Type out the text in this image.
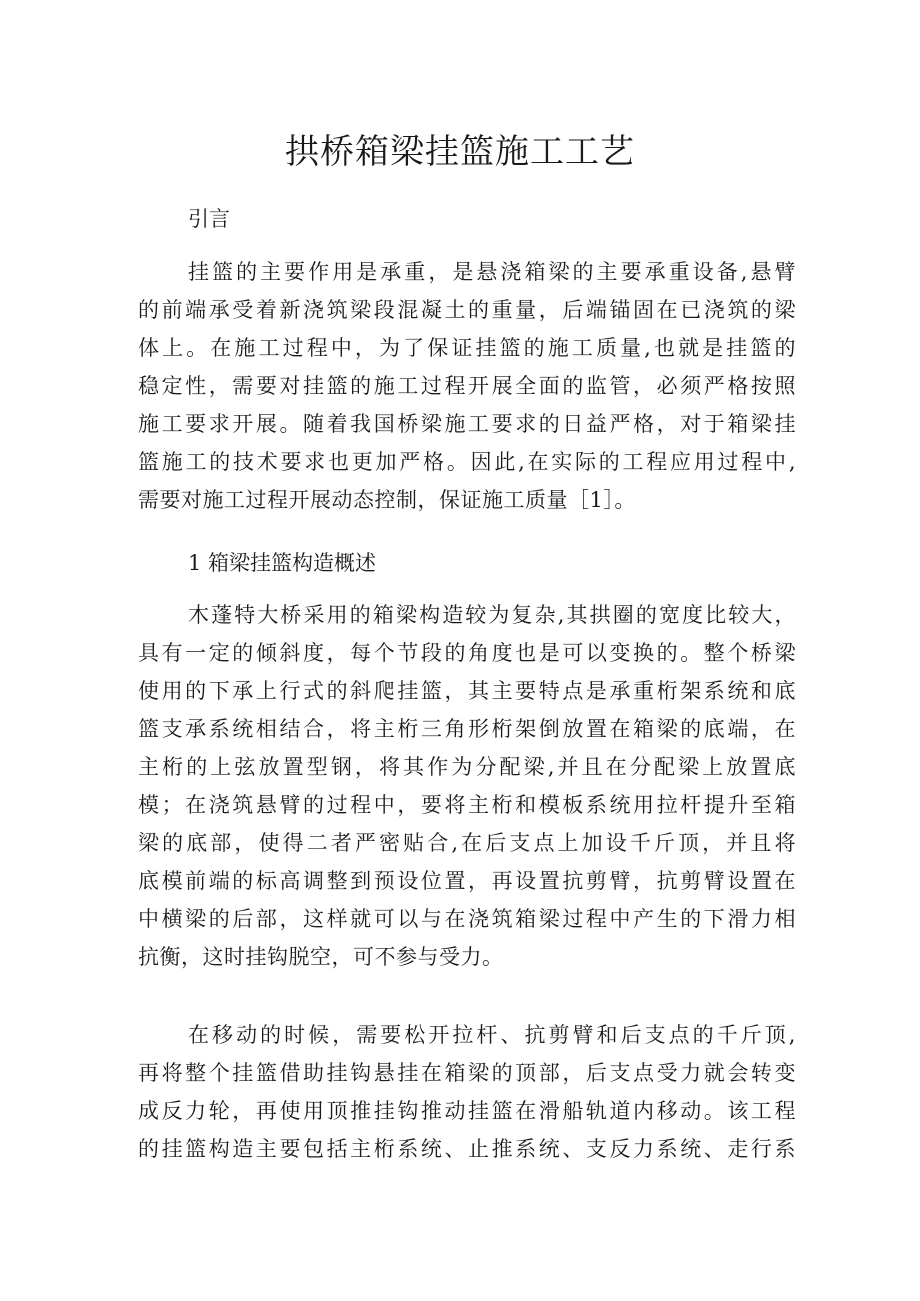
拱桥箱梁挂篮施工工艺
引言
挂篮的主要作用是承重，是悬浇箱梁的主要承重设备,悬臂
的前端承受着新浇筑梁段混凝土的重量，后端锚固在已浇筑的梁
体上。在施工过程中，为了保证挂篮的施工质量,也就是挂篮的
稳定性，需要对挂篮的施工过程开展全面的监管，必须严格按照
施工要求开展。随着我国桥梁施工要求的日益严格，对于箱梁挂
篮施工的技术要求也更加严格。因此,在实际的工程应用过程中,
需要对施工过程开展动态控制，保证施工质量［1］。
1 箱梁挂篮构造概述
木蓬特大桥采用的箱梁构造较为复杂,其拱圈的宽度比较大，
具有一定的倾斜度，每个节段的角度也是可以变换的。整个桥梁
使用的下承上行式的斜爬挂篮，其主要特点是承重桁架系统和底
篮支承系统相结合，将主桁三角形桁架倒放置在箱梁的底端，在
主桁的上弦放置型钢，将其作为分配梁,并且在分配梁上放置底
模；在浇筑悬臂的过程中，要将主桁和模板系统用拉杆提升至箱
梁的底部，使得二者严密贴合,在后支点上加设千斤顶，并且将
底模前端的标高调整到预设位置，再设置抗剪臂，抗剪臂设置在
中横梁的后部，这样就可以与在浇筑箱梁过程中产生的下滑力相
抗衡，这时挂钩脱空，可不参与受力。
在移动的时候，需要松开拉杆、抗剪臂和后支点的千斤顶,
再将整个挂篮借助挂钩悬挂在箱梁的顶部，后支点受力就会转变
成反力轮，再使用顶推挂钩推动挂篮在滑船轨道内移动。该工程
的挂篮构造主要包括主桁系统、止推系统、支反力系统、走行系
